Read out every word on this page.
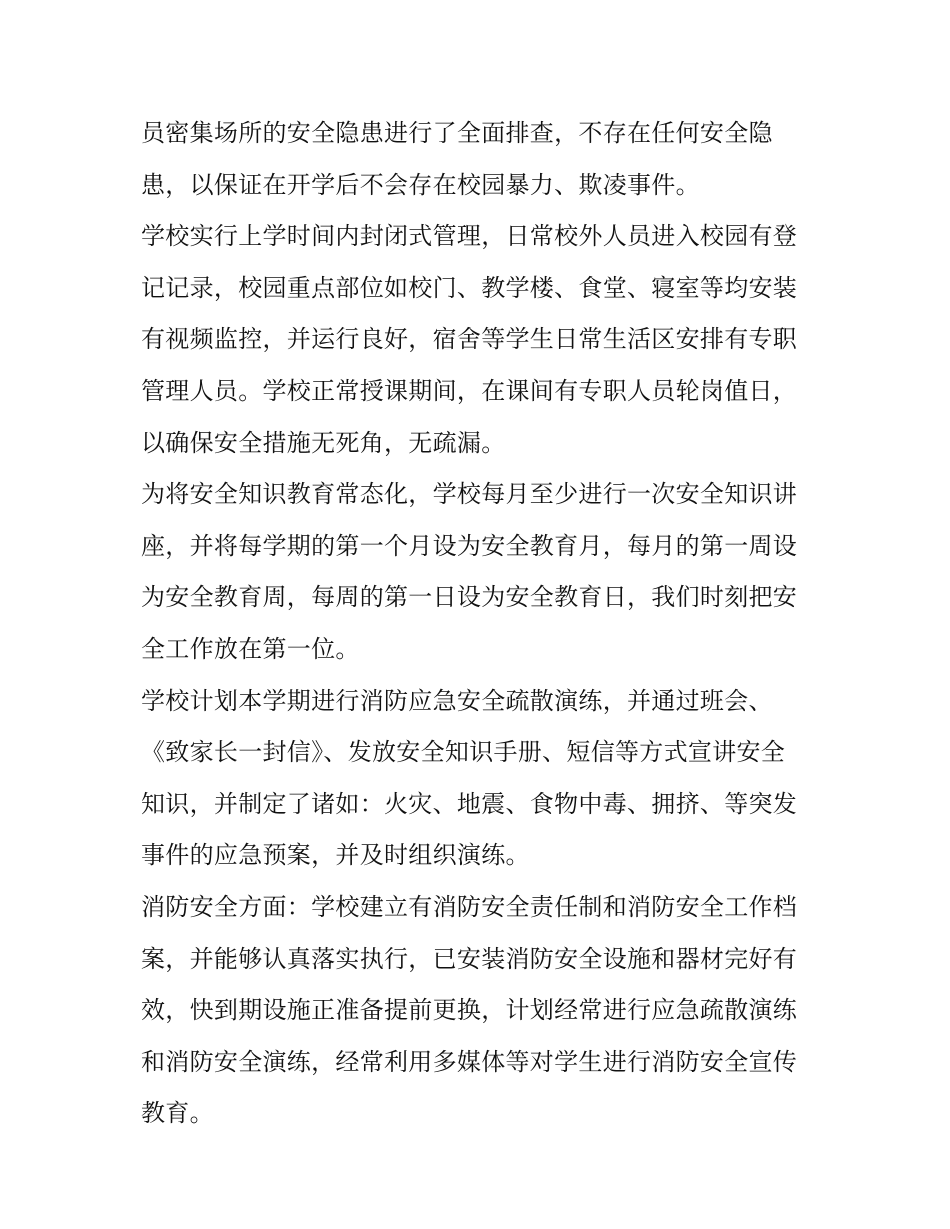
员密集场所的安全隐患进行了全面排查，不存在任何安全隐
患，以保证在开学后不会存在校园暴力、欺凌事件。
学校实行上学时间内封闭式管理，日常校外人员进入校园有登
记记录，校园重点部位如校门、教学楼、食堂、寝室等均安装
有视频监控，并运行良好，宿舍等学生日常生活区安排有专职
管理人员。学校正常授课期间，在课间有专职人员轮岗值日，
以确保安全措施无死角，无疏漏。
为将安全知识教育常态化，学校每月至少进行一次安全知识讲
座，并将每学期的第一个月设为安全教育月，每月的第一周设
为安全教育周，每周的第一日设为安全教育日，我们时刻把安
全工作放在第一位。
学校计划本学期进行消防应急安全疏散演练，并通过班会、
《致家长一封信》、发放安全知识手册、短信等方式宣讲安全
知识，并制定了诸如：火灾、地震、食物中毒、拥挤、等突发
事件的应急预案，并及时组织演练。
消防安全方面：学校建立有消防安全责任制和消防安全工作档
案，并能够认真落实执行，已安装消防安全设施和器材完好有
效，快到期设施正准备提前更换，计划经常进行应急疏散演练
和消防安全演练，经常利用多媒体等对学生进行消防安全宣传
教育。
